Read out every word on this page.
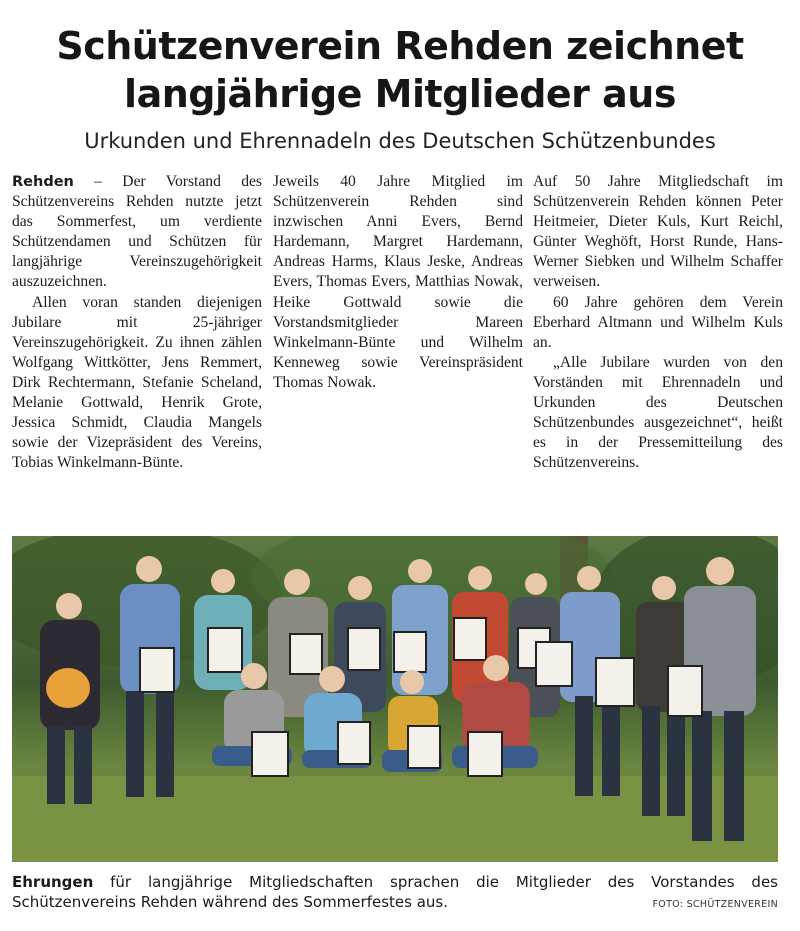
Schützenverein Rehden zeichnet
langjährige Mitglieder aus
Urkunden und Ehrennadeln des Deutschen Schützenbundes

Rehden – Der Vorstand des Schützenvereins Rehden nutzte jetzt das Sommerfest, um verdiente Schützendamen und Schützen für langjährige Vereinszugehörigkeit auszuzeichnen.

Allen voran standen diejenigen Jubilare mit 25-jähriger Vereinszugehörigkeit. Zu ihnen zählen Wolfgang Wittkötter, Jens Remmert, Dirk Rechtermann, Stefanie Scheland, Melanie Gottwald, Henrik Grote, Jessica Schmidt, Claudia Mangels sowie der Vizepräsident des Vereins, Tobias Winkelmann-Bünte.

Jeweils 40 Jahre Mitglied im Schützenverein Rehden sind inzwischen Anni Evers, Bernd Hardemann, Margret Hardemann, Andreas Harms, Klaus Jeske, Andreas Evers, Thomas Evers, Matthias Nowak, Heike Gottwald sowie die Vorstandsmitglieder Mareen Winkelmann-Bünte und Wilhelm Kenneweg sowie Vereinspräsident Thomas Nowak.

Auf 50 Jahre Mitgliedschaft im Schützenverein Rehden können Peter Heitmeier, Dieter Kuls, Kurt Reichl, Günter Weghöft, Horst Runde, Hans-Werner Siebken und Wilhelm Schaffer verweisen.

60 Jahre gehören dem Verein Eberhard Altmann und Wilhelm Kuls an.

„Alle Jubilare wurden von den Vorständen mit Ehrennadeln und Urkunden des Deutschen Schützenbundes ausgezeichnet“, heißt es in der Pressemitteilung des Schützenvereins.

Ehrungen für langjährige Mitgliedschaften sprachen die Mitglieder des Vorstandes des Schützenvereins Rehden während des Sommerfestes aus.	FOTO: SCHÜTZENVEREIN
